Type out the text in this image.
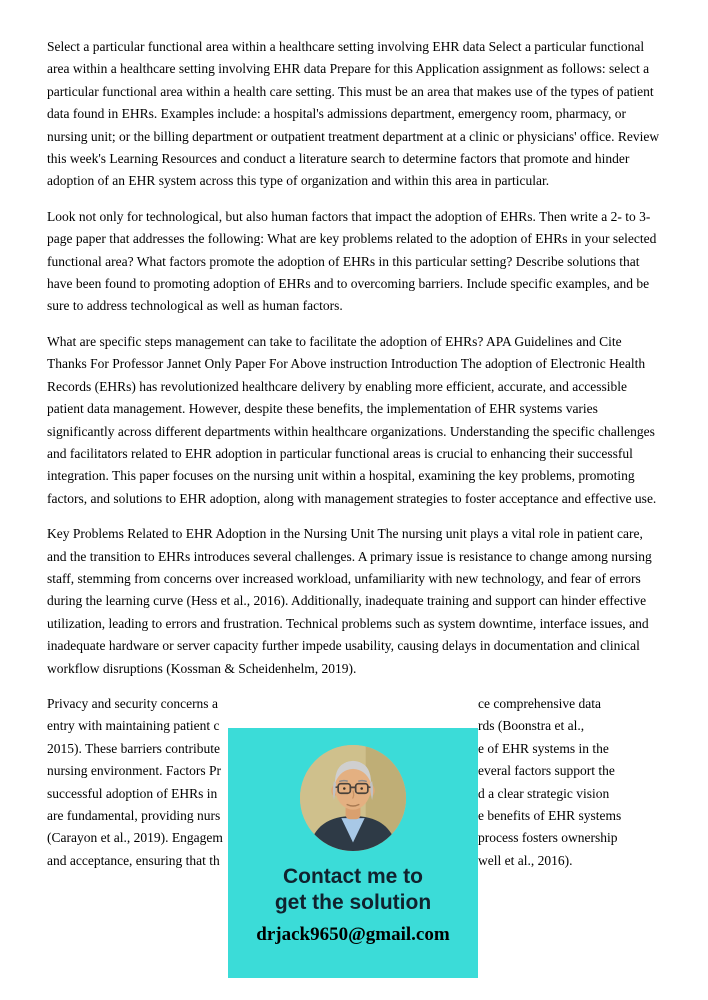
Select a particular functional area within a healthcare setting involving EHR data Select a particular functional area within a healthcare setting involving EHR data Prepare for this Application assignment as follows: select a particular functional area within a health care setting. This must be an area that makes use of the types of patient data found in EHRs. Examples include: a hospital's admissions department, emergency room, pharmacy, or nursing unit; or the billing department or outpatient treatment department at a clinic or physicians' office. Review this week's Learning Resources and conduct a literature search to determine factors that promote and hinder adoption of an EHR system across this type of organization and within this area in particular.

Look not only for technological, but also human factors that impact the adoption of EHRs. Then write a 2- to 3-page paper that addresses the following: What are key problems related to the adoption of EHRs in your selected functional area? What factors promote the adoption of EHRs in this particular setting? Describe solutions that have been found to promoting adoption of EHRs and to overcoming barriers. Include specific examples, and be sure to address technological as well as human factors.

What are specific steps management can take to facilitate the adoption of EHRs? APA Guidelines and Cite Thanks For Professor Jannet Only Paper For Above instruction Introduction The adoption of Electronic Health Records (EHRs) has revolutionized healthcare delivery by enabling more efficient, accurate, and accessible patient data management. However, despite these benefits, the implementation of EHR systems varies significantly across different departments within healthcare organizations. Understanding the specific challenges and facilitators related to EHR adoption in particular functional areas is crucial to enhancing their successful integration. This paper focuses on the nursing unit within a hospital, examining the key problems, promoting factors, and solutions to EHR adoption, along with management strategies to foster acceptance and effective use.

Key Problems Related to EHR Adoption in the Nursing Unit The nursing unit plays a vital role in patient care, and the transition to EHRs introduces several challenges. A primary issue is resistance to change among nursing staff, stemming from concerns over increased workload, unfamiliarity with new technology, and fear of errors during the learning curve (Hess et al., 2016). Additionally, inadequate training and support can hinder effective utilization, leading to errors and frustration. Technical problems such as system downtime, interface issues, and inadequate hardware or server capacity further impede usability, causing delays in documentation and clinical workflow disruptions (Kossman & Scheidenhelm, 2019).

Privacy and security concerns a	ce comprehensive data
entry with maintaining patient c	rds (Boonstra et al.,
2015). These barriers contribute	e of EHR systems in the
nursing environment. Factors Pr	everal factors support the
successful adoption of EHRs in	d a clear strategic vision
are fundamental, providing nurs	e benefits of EHR systems
(Carayon et al., 2019). Engagem	process fosters ownership
and acceptance, ensuring that th	well et al., 2016).
Contact me to
get the solution
drjack9650@gmail.com
